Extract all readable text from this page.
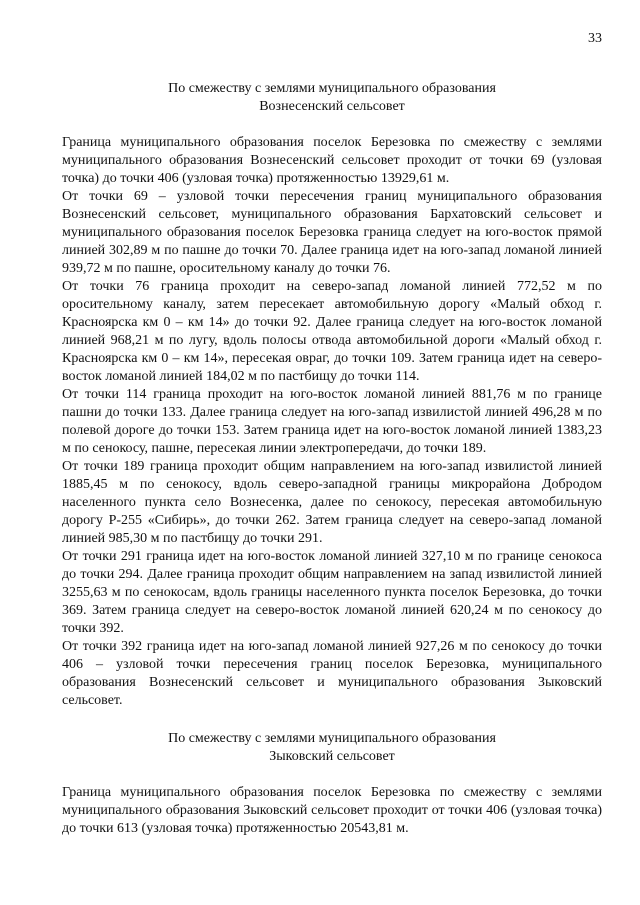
33

По смежеству с землями муниципального образования
Вознесенский сельсовет

Граница муниципального образования поселок Березовка по смежеству с землями муниципального образования Вознесенский сельсовет проходит от точки 69 (узловая точка) до точки 406 (узловая точка) протяженностью 13929,61 м.

От точки 69 – узловой точки пересечения границ муниципального образования Вознесенский сельсовет, муниципального образования Бархатовский сельсовет и муниципального образования поселок Березовка граница следует на юго-восток прямой линией 302,89 м по пашне до точки 70. Далее граница идет на юго-запад ломаной линией 939,72 м по пашне, оросительному каналу до точки 76.

От точки 76 граница проходит на северо-запад ломаной линией 772,52 м по оросительному каналу, затем пересекает автомобильную дорогу «Малый обход г. Красноярска км 0 – км 14» до точки 92. Далее граница следует на юго-восток ломаной линией 968,21 м по лугу, вдоль полосы отвода автомобильной дороги «Малый обход г. Красноярска км 0 – км 14», пересекая овраг, до точки 109. Затем граница идет на северо-восток ломаной линией 184,02 м по пастбищу до точки 114.

От точки 114 граница проходит на юго-восток ломаной линией 881,76 м по границе пашни до точки 133. Далее граница следует на юго-запад извилистой линией 496,28 м по полевой дороге до точки 153. Затем граница идет на юго-восток ломаной линией 1383,23 м по сенокосу, пашне, пересекая линии электропередачи, до точки 189.

От точки 189 граница проходит общим направлением на юго-запад извилистой линией 1885,45 м по сенокосу, вдоль северо-западной границы микрорайона Добродом населенного пункта село Вознесенка, далее по сенокосу, пересекая автомобильную дорогу Р-255 «Сибирь», до точки 262. Затем граница следует на северо-запад ломаной линией 985,30 м по пастбищу до точки 291.

От точки 291 граница идет на юго-восток ломаной линией 327,10 м по границе сенокоса до точки 294. Далее граница проходит общим направлением на запад извилистой линией 3255,63 м по сенокосам, вдоль границы населенного пункта поселок Березовка, до точки 369. Затем граница следует на северо-восток ломаной линией 620,24 м по сенокосу до точки 392.

От точки 392 граница идет на юго-запад ломаной линией 927,26 м по сенокосу до точки 406 – узловой точки пересечения границ поселок Березовка, муниципального образования Вознесенский сельсовет и муниципального образования Зыковский сельсовет.

По смежеству с землями муниципального образования
Зыковский сельсовет

Граница муниципального образования поселок Березовка по смежеству с землями муниципального образования Зыковский сельсовет проходит от точки 406 (узловая точка) до точки 613 (узловая точка) протяженностью 20543,81 м.
